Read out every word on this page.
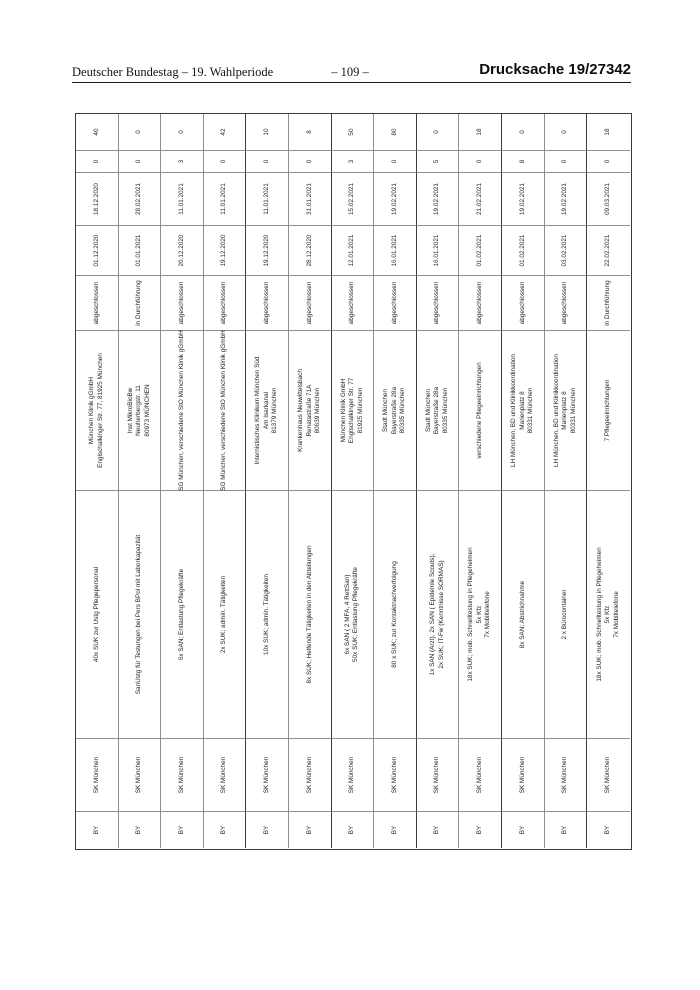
Deutscher Bundestag – 19. Wahlperiode	– 109 –	Drucksache 19/27342
BY
SK München
40x SUK zur Ustg Pflegepersonal
München Klinik gGmbH Englschalkinger Str. 77, 81925 München
abgeschlossen
01.12.2020
18.12.2020
0
40
BY
SK München
SanUstg für Testungen bei Pers BPol mit Laborkapazität
Inst MikroBioBw Neuherbergstr. 11 80973 MÜNCHEN
in Durchführung
01.01.2021
28.02.2021
0
0
BY
SK München
6x SAN; Entlastung Pflegekräfte
SG München, verschiedene StO München Klinik gGmbH
abgeschlossen
20.12.2020
11.01.2021
3
0
BY
SK München
2x SUK; admin. Tätigkeiten
SG München, verschiedene StO München Klinik gGmbH
abgeschlossen
19.12.2020
11.01.2021
0
42
BY
SK München
10x SUK; admin. Tätigkeiten
Internistisches Klinikum München Süd Am Isarkanal 81379 München
abgeschlossen
19.12.2020
11.01.2021
0
10
BY
SK München
8x SUK; Helfende Tätigkeiten in den Abteilungen
Krankenhaus Neuwittelsbach Renatastraße 71A 80639 München
abgeschlossen
28.12.2020
31.01.2021
0
8
BY
SK München
6x SAN ( 2 MFA, 4 RettSan) 50x SUK; Entlastung Pflegekräfte
München Klinik GmbH Englschalkinger Str. 77 81925 München
abgeschlossen
12.01.2021
15.02.2021
3
50
BY
SK München
80 x SUK; zur Kontaktnachverfolgung
Stadt München Bayerstraße 28a 80335 München
abgeschlossen
16.01.2021
19.02.2021
0
80
BY
SK München
1x SAN (Arzt), 2x SAN ( Epidemie Scouts), 2x SUK; IT-Fw (Kenntnisse SORMAS)
Stadt München Bayerstraße 28a 80335 München
abgeschlossen
16.01.2021
19.02.2021
5
0
BY
SK München
18x SUK; mob. Schnelltestung in Pflegeheimen 5x Kfz 7x Mobiltelefone
verschiedene Pflegeeinrichtungen
abgeschlossen
01.02.2021
21.02.2021
0
18
BY
SK München
8x SAN; Abstrichnahme
LH München, BD und Klinikkoordination Marienplatz 8 80331 München
abgeschlossen
01.02.2021
19.02.2021
8
0
BY
SK München
2 x Bürocontainer
LH München, BD und Klinikkoordination Marienplatz 8 80331 München
abgeschlossen
03.02.2021
19.02.2021
0
0
BY
SK München
18x SUK; mob. Schnelltestung in Pflegeheimen 5x Kfz 7x Mobiltelefone
7 Pflegeeinrichtungen
in Durchführung
22.02.2021
09.03.2021
0
18
